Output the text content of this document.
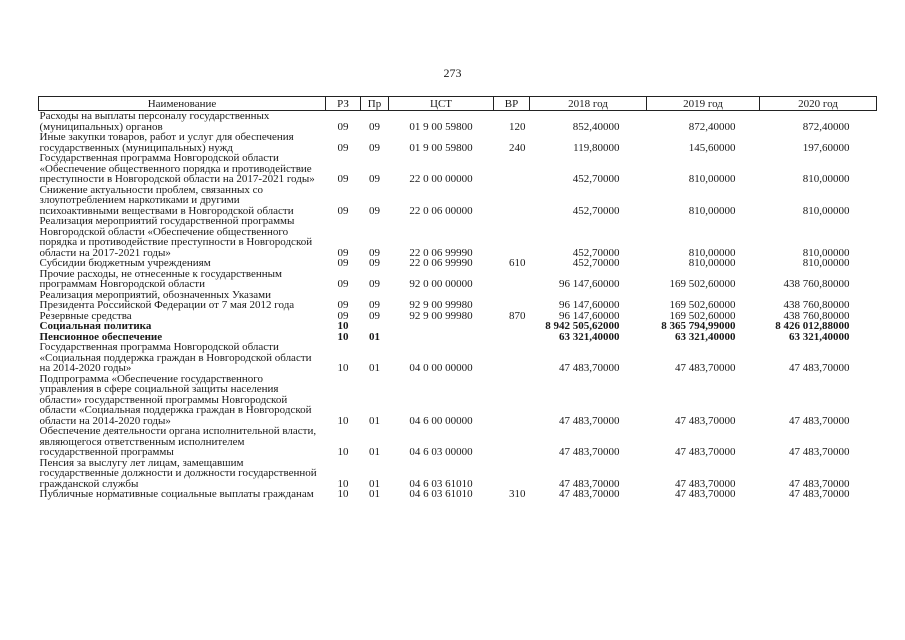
273
Наименование	РЗ	Пр	ЦСТ	ВР	2018 год	2019 год	2020 год
Расходы на выплаты персоналу государственных (муниципальных) органов	09	09	01 9 00 59800	120	852,40000	872,40000	872,40000
Иные закупки товаров, работ и услуг для обеспечения государственных (муниципальных) нужд	09	09	01 9 00 59800	240	119,80000	145,60000	197,60000
Государственная программа Новгородской области «Обеспечение общественного порядка и противодействие преступности в Новгородской области на 2017-2021 годы»	09	09	22 0 00 00000		452,70000	810,00000	810,00000
Снижение актуальности проблем, связанных со злоупотреблением наркотиками и другими психоактивными веществами в Новгородской области	09	09	22 0 06 00000		452,70000	810,00000	810,00000
Реализация мероприятий государственной программы Новгородской области «Обеспечение общественного порядка и противодействие преступности в Новгородской области на 2017-2021 годы»	09	09	22 0 06 99990		452,70000	810,00000	810,00000
Субсидии бюджетным учреждениям	09	09	22 0 06 99990	610	452,70000	810,00000	810,00000
Прочие расходы, не отнесенные к государственным программам Новгородской области	09	09	92 0 00 00000		96 147,60000	169 502,60000	438 760,80000
Реализация мероприятий, обозначенных Указами Президента Российской Федерации от 7 мая 2012 года	09	09	92 9 00 99980		96 147,60000	169 502,60000	438 760,80000
Резервные средства	09	09	92 9 00 99980	870	96 147,60000	169 502,60000	438 760,80000
Социальная политика	10				8 942 505,62000	8 365 794,99000	8 426 012,88000
Пенсионное обеспечение	10	01			63 321,40000	63 321,40000	63 321,40000
Государственная программа Новгородской области «Социальная поддержка граждан в Новгородской области на 2014-2020 годы»	10	01	04 0 00 00000		47 483,70000	47 483,70000	47 483,70000
Подпрограмма «Обеспечение государственного управления в сфере социальной защиты населения области» государственной программы Новгородской области «Социальная поддержка граждан в Новгородской области на 2014-2020 годы»	10	01	04 6 00 00000		47 483,70000	47 483,70000	47 483,70000
Обеспечение деятельности органа исполнительной власти, являющегося ответственным исполнителем государственной программы	10	01	04 6 03 00000		47 483,70000	47 483,70000	47 483,70000
Пенсия за выслугу лет лицам, замещавшим государственные должности и должности государственной гражданской службы	10	01	04 6 03 61010		47 483,70000	47 483,70000	47 483,70000
Публичные нормативные социальные выплаты гражданам	10	01	04 6 03 61010	310	47 483,70000	47 483,70000	47 483,70000
